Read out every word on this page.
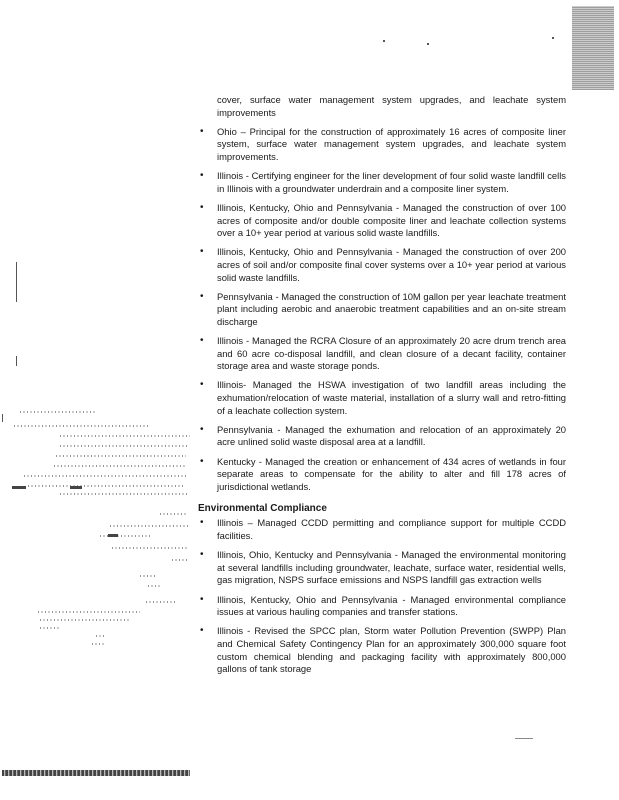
cover, surface water management system upgrades, and leachate system improvements
• Ohio – Principal for the construction of approximately 16 acres of composite liner system, surface water management system upgrades, and leachate system improvements.
• Illinois - Certifying engineer for the liner development of four solid waste landfill cells in Illinois with a groundwater underdrain and a composite liner system.
• Illinois, Kentucky, Ohio and Pennsylvania - Managed the construction of over 100 acres of composite and/or double composite liner and leachate collection systems over a 10+ year period at various solid waste landfills.
• Illinois, Kentucky, Ohio and Pennsylvania - Managed the construction of over 200 acres of soil and/or composite final cover systems over a 10+ year period at various solid waste landfills.
• Pennsylvania - Managed the construction of 10M gallon per year leachate treatment plant including aerobic and anaerobic treatment capabilities and an on-site stream discharge
• Illinois - Managed the RCRA Closure of an approximately 20 acre drum trench area and 60 acre co-disposal landfill, and clean closure of a decant facility, container storage area and waste storage ponds.
• Illinois- Managed the HSWA investigation of two landfill areas including the exhumation/relocation of waste material, installation of a slurry wall and retro-fitting of a leachate collection system.
• Pennsylvania - Managed the exhumation and relocation of an approximately 20 acre unlined solid waste disposal area at a landfill.
• Kentucky - Managed the creation or enhancement of 434 acres of wetlands in four separate areas to compensate for the ability to alter and fill 178 acres of jurisdictional wetlands.
Environmental Compliance
• Illinois – Managed CCDD permitting and compliance support for multiple CCDD facilities.
• Illinois, Ohio, Kentucky and Pennsylvania - Managed the environmental monitoring at several landfills including groundwater, leachate, surface water, residential wells, gas migration, NSPS surface emissions and NSPS landfill gas extraction wells
• Illinois, Kentucky, Ohio and Pennsylvania - Managed environmental compliance issues at various hauling companies and transfer stations.
• Illinois - Revised the SPCC plan, Storm water Pollution Prevention (SWPP) Plan and Chemical Safety Contingency Plan for an approximately 300,000 square foot custom chemical blending and packaging facility with approximately 800,000 gallons of tank storage
